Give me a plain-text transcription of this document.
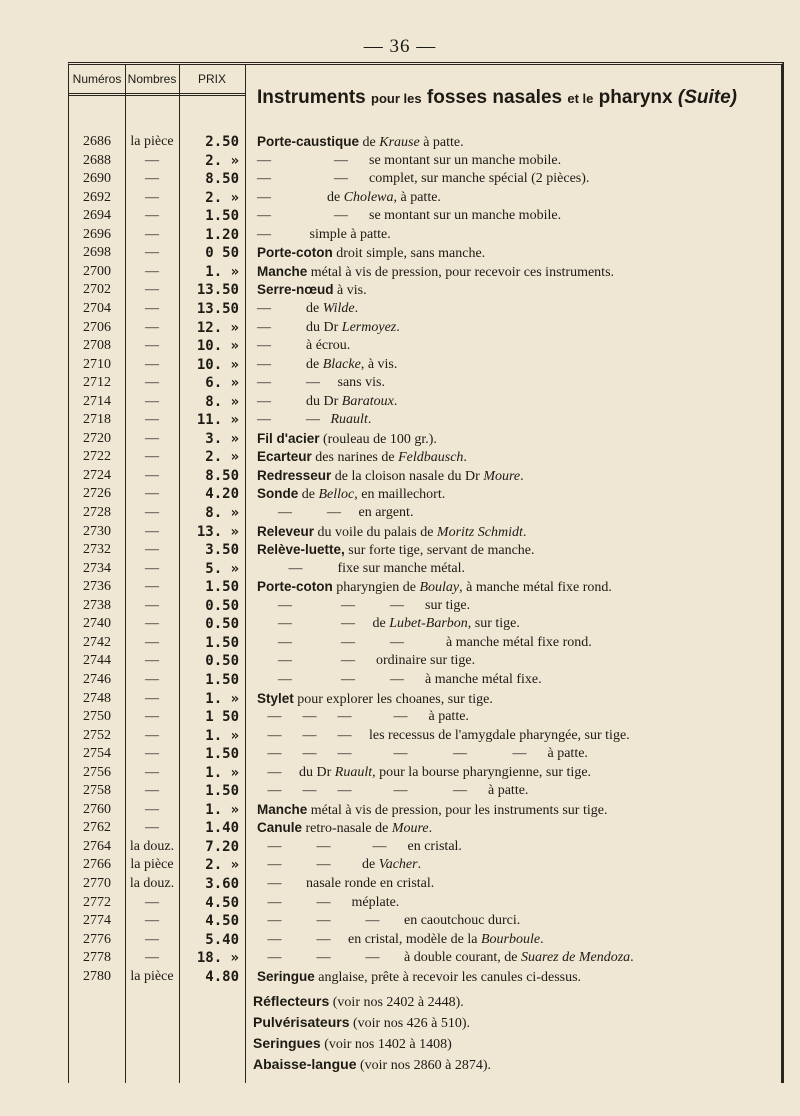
— 36 —
Numéros Nombres	PRIX
Instruments pour les fosses nasales et le pharynx (Suite)
2686	la pièce	2.50 Porte-caustique de Krause à patte.
2688	—	2. » —                  —      se montant sur un manche mobile.
2690	—	8.50 —                  —      complet, sur manche spécial (2 pièces).
2692	—	2. » —                de Cholewa, à patte.
2694	—	1.50 —                  —      se montant sur un manche mobile.
2696	—	1.20 —           simple à patte.
2698	—	0 50 Porte-coton droit simple, sans manche.
2700	—	1. » Manche métal à vis de pression, pour recevoir ces instruments.
2702	—	13.50 Serre-nœud à vis.
2704	—	13.50 —          de Wilde.
2706	—	12. » —          du Dr Lermoyez.
2708	—	10. » —          à écrou.
2710	—	10. » —          de Blacke, à vis.
2712	—	6. » —          —     sans vis.
2714	—	8. » —          du Dr Baratoux.
2718	—	11. » —          —   Ruault.
2720	—	3. » Fil d'acier (rouleau de 100 gr.).
2722	—	2. » Ecarteur des narines de Feldbausch.
2724	—	8.50 Redresseur de la cloison nasale du Dr Moure.
2726	—	4.20 Sonde de Belloc, en maillechort.
2728	—	8. » —          —     en argent.
2730	—	13. » Releveur du voile du palais de Moritz Schmidt.
2732	—	3.50 Relève-luette, sur forte tige, servant de manche.
2734	—	5. » —          fixe sur manche métal.
2736	—	1.50 Porte-coton pharyngien de Boulay, à manche métal fixe rond.
2738	—	0.50 —              —          —      sur tige.
2740	—	0.50 —              —     de Lubet-Barbon, sur tige.
2742	—	1.50 —              —          —            à manche métal fixe rond.
2744	—	0.50 —              —      ordinaire sur tige.
2746	—	1.50 —              —          —      à manche métal fixe.
2748	—	1. » Stylet pour explorer les choanes, sur tige.
2750	—	1 50 —      —      —            —      à patte.
2752	—	1. » —      —      —     les recessus de l'amygdale pharyngée, sur tige.
2754	—	1.50 —      —      —            —             —             —      à patte.
2756	—	1. » —     du Dr Ruault, pour la bourse pharyngienne, sur tige.
2758	—	1.50 —      —      —            —             —      à patte.
2760	—	1. » Manche métal à vis de pression, pour les instruments sur tige.
2762	—	1.40 Canule retro-nasale de Moure.
2764	la douz.	7.20 —          —            —      en cristal.
2766	la pièce	2. » —          —         de Vacher.
2770	la douz.	3.60 —       nasale ronde en cristal.
2772	—	4.50 —          —      méplate.
2774	—	4.50 —          —          —       en caoutchouc durci.
2776	—	5.40 —          —     en cristal, modèle de la Bourboule.
2778	—	18. » —          —          —       à double courant, de Suarez de Mendoza.
2780	la pièce	4.80 Seringue anglaise, prête à recevoir les canules ci-dessus.
Réflecteurs (voir nos 2402 à 2448).
Pulvérisateurs (voir nos 426 à 510).
Seringues (voir nos 1402 à 1408)
Abaisse-langue (voir nos 2860 à 2874).
